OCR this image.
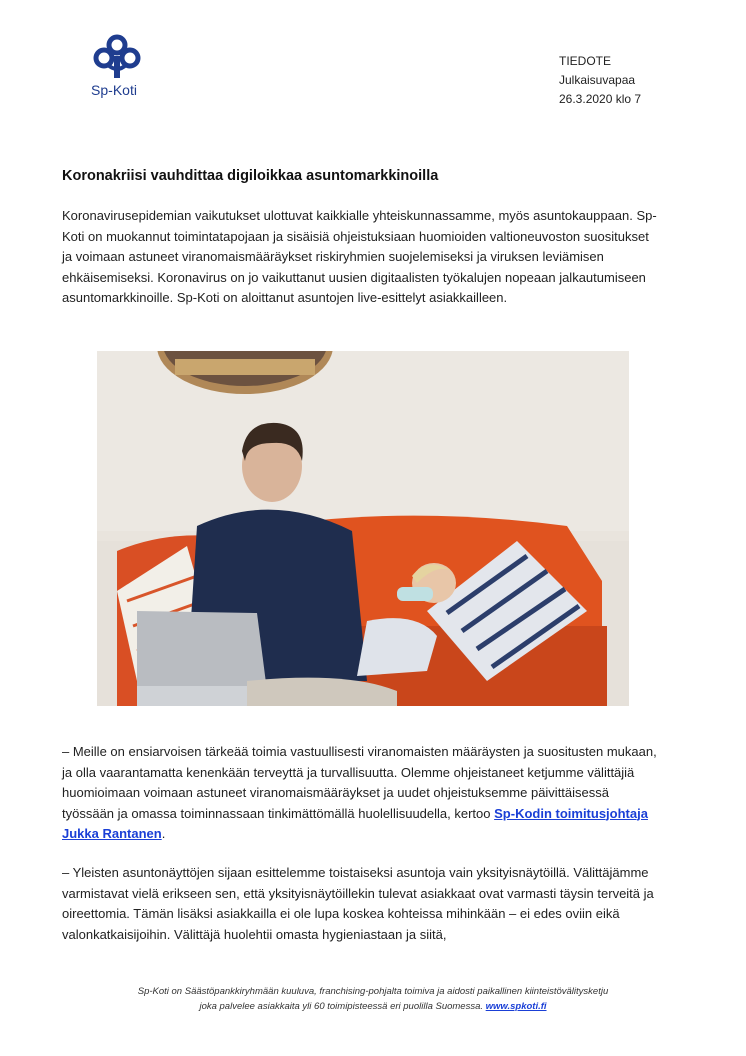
Sp-Koti
TIEDOTE
Julkaisuvapaa
26.3.2020 klo 7
Koronakriisi vauhdittaa digiloikkaa asuntomarkkinoilla

Koronavirusepidemian vaikutukset ulottuvat kaikkialle yhteiskunnassamme, myös asuntokauppaan. Sp-Koti on muokannut toimintatapojaan ja sisäisiä ohjeistuksiaan huomioiden valtioneuvoston suositukset ja voimaan astuneet viranomaismääräykset riskiryhmien suojelemiseksi ja viruksen leviämisen ehkäisemiseksi. Koronavirus on jo vaikuttanut uusien digitaalisten työkalujen nopeaan jalkautumiseen asuntomarkkinoille. Sp-Koti on aloittanut asuntojen live-esittelyt asiakkailleen.

– Meille on ensiarvoisen tärkeää toimia vastuullisesti viranomaisten määräysten ja suositusten mukaan, ja olla vaarantamatta kenenkään terveyttä ja turvallisuutta. Olemme ohjeistaneet ketjumme välittäjiä huomioimaan voimaan astuneet viranomaismääräykset ja uudet ohjeistuksemme päivittäisessä työssään ja omassa toiminnassaan tinkimättömällä huolellisuudella, kertoo Sp-Kodin toimitusjohtaja Jukka Rantanen.

– Yleisten asuntonäyttöjen sijaan esittelemme toistaiseksi asuntoja vain yksityisnäytöillä. Välittäjämme varmistavat vielä erikseen sen, että yksityisnäytöillekin tulevat asiakkaat ovat varmasti täysin terveitä ja oireettomia. Tämän lisäksi asiakkailla ei ole lupa koskea kohteissa mihinkään – ei edes oviin eikä valonkatkaisijoihin. Välittäjä huolehtii omasta hygieniastaan ja siitä,

Sp-Koti on Säästöpankkiryhmään kuuluva, franchising-pohjalta toimiva ja aidosti paikallinen kiinteistövälitysketju
joka palvelee asiakkaita yli 60 toimipisteessä eri puolilla Suomessa. www.spkoti.fi
